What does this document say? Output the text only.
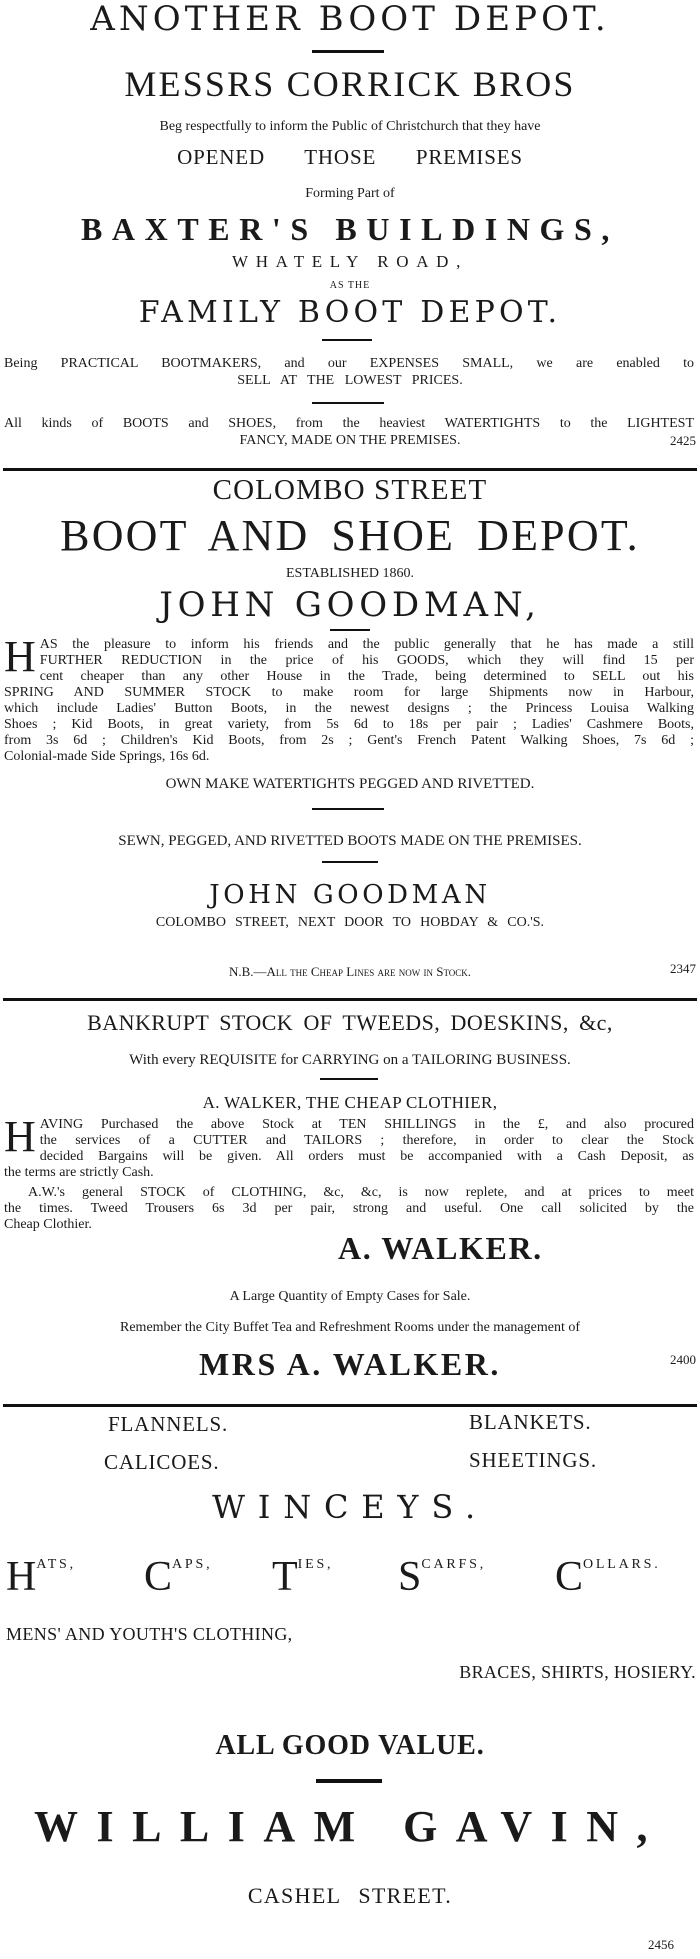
ANOTHER BOOT DEPOT.
MESSRS CORRICK BROS
Beg respectfully to inform the Public of Christchurch that they have
OPENED THOSE PREMISES
Forming Part of
BAXTER'S BUILDINGS,
WHATELY ROAD,
AS THE
FAMILY BOOT DEPOT.
Being PRACTICAL BOOTMAKERS, and our EXPENSES SMALL, we are enabled to
SELL AT THE LOWEST PRICES.
All kinds of BOOTS and SHOES, from the heaviest WATERTIGHTS to the LIGHTEST
FANCY, MADE ON THE PREMISES.	2425
COLOMBO STREET
BOOT AND SHOE DEPOT.
ESTABLISHED 1860.
JOHN GOODMAN,
H AS the pleasure to inform his friends and the public generally that he has made a still
FURTHER REDUCTION in the price of his GOODS, which they will find 15 per
cent cheaper than any other House in the Trade, being determined to SELL out his
SPRING AND SUMMER STOCK to make room for large Shipments now in Harbour,
which include Ladies' Button Boots, in the newest designs ; the Princess Louisa Walking
Shoes ; Kid Boots, in great variety, from 5s 6d to 18s per pair ; Ladies' Cashmere Boots,
from 3s 6d ; Children's Kid Boots, from 2s ; Gent's French Patent Walking Shoes, 7s 6d ;
Colonial-made Side Springs, 16s 6d.
OWN MAKE WATERTIGHTS PEGGED AND RIVETTED.
SEWN, PEGGED, AND RIVETTED BOOTS MADE ON THE PREMISES.
JOHN GOODMAN
COLOMBO STREET, NEXT DOOR TO HOBDAY & CO.'S.
N.B.—All the Cheap Lines are now in Stock.	2347
BANKRUPT STOCK OF TWEEDS, DOESKINS, &c,
With every REQUISITE for CARRYING on a TAILORING BUSINESS.
A. WALKER, THE CHEAP CLOTHIER,
H AVING Purchased the above Stock at TEN SHILLINGS in the £, and also procured
the services of a CUTTER and TAILORS ; therefore, in order to clear the Stock
decided Bargains will be given. All orders must be accompanied with a Cash Deposit, as
the terms are strictly Cash.
A.W.'s general STOCK of CLOTHING, &c, &c, is now replete, and at prices to meet
the times. Tweed Trousers 6s 3d per pair, strong and useful. One call solicited by the
Cheap Clothier.
A. WALKER.
A Large Quantity of Empty Cases for Sale.
Remember the City Buffet Tea and Refreshment Rooms under the management of
MRS A. WALKER.	2400
FLANNELS.	BLANKETS.
CALICOES.	SHEETINGS.
WINCEYS.
HATS, CAPS, TIES, SCARFS, COLLARS.
MENS' AND YOUTH'S CLOTHING,
BRACES, SHIRTS, HOSIERY.
ALL GOOD VALUE.
WILLIAM GAVIN,
CASHEL STREET.
2456
